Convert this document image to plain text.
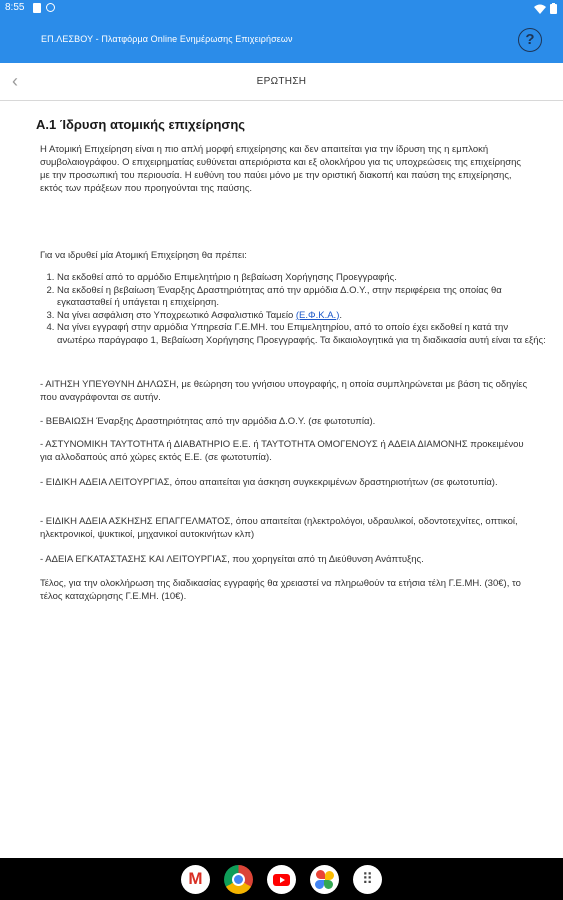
8:55
ΕΠ.ΛΕΣΒΟΥ - Πλατφόρμα Online Ενημέρωσης Επιχειρήσεων	?
‹	ΕΡΩΤΗΣΗ
A.1 Ίδρυση ατομικής επιχείρησης
Η Ατομική Επιχείρηση είναι η πιο απλή μορφή επιχείρησης και δεν απαιτείται για την ίδρυση της η εμπλοκή συμβολαιογράφου. Ο επιχειρηματίας ευθύνεται απεριόριστα και εξ ολοκλήρου για τις υποχρεώσεις της επιχείρησης με την προσωπική του περιουσία. Η ευθύνη του παύει μόνο με την οριστική διακοπή και παύση της επιχείρησης, εκτός των πράξεων που προηγούνται της παύσης.
Για να ιδρυθεί μία Ατομική Επιχείρηση θα πρέπει:
1. Να εκδοθεί από το αρμόδιο Επιμελητήριο η βεβαίωση Χορήγησης Προεγγραφής.
2. Να εκδοθεί η βεβαίωση Έναρξης Δραστηριότητας από την αρμόδια Δ.Ο.Υ., στην περιφέρεια της οποίας θα εγκατασταθεί ή υπάγεται η επιχείρηση.
3. Να γίνει ασφάλιση στο Υποχρεωτικό Ασφαλιστικό Ταμείο (Ε.Φ.Κ.Α.).
4. Να γίνει εγγραφή στην αρμόδια Υπηρεσία Γ.Ε.ΜΗ. του Επιμελητηρίου, από το οποίο έχει εκδοθεί η κατά την ανωτέρω παράγραφο 1, Βεβαίωση Χορήγησης Προεγγραφής. Τα δικαιολογητικά για τη διαδικασία αυτή είναι τα εξής:
- ΑΙΤΗΣΗ ΥΠΕΥΘΥΝΗ ΔΗΛΩΣΗ, με θεώρηση του γνήσιου υπογραφής, η οποία συμπληρώνεται με βάση τις οδηγίες που αναγράφονται σε αυτήν.
- ΒΕΒΑΙΩΣΗ Έναρξης Δραστηριότητας από την αρμόδια Δ.Ο.Υ. (σε φωτοτυπία).
- ΑΣΤΥΝΟΜΙΚΗ ΤΑΥΤΟΤΗΤΑ ή ΔΙΑΒΑΤΗΡΙΟ Ε.Ε. ή ΤΑΥΤΟΤΗΤΑ ΟΜΟΓΕΝΟΥΣ ή ΑΔΕΙΑ ΔΙΑΜΟΝΗΣ προκειμένου για αλλοδαπούς από χώρες εκτός Ε.Ε. (σε φωτοτυπία).
- ΕΙΔΙΚΗ ΑΔΕΙΑ ΛΕΙΤΟΥΡΓΙΑΣ, όπου απαιτείται για άσκηση συγκεκριμένων δραστηριοτήτων (σε φωτοτυπία).
- ΕΙΔΙΚΗ ΑΔΕΙΑ ΑΣΚΗΣΗΣ ΕΠΑΓΓΕΛΜΑΤΟΣ, όπου απαιτείται (ηλεκτρολόγοι, υδραυλικοί, οδοντοτεχνίτες, οπτικοί, ηλεκτρονικοί, ψυκτικοί, μηχανικοί αυτοκινήτων κλπ)
- ΑΔΕΙΑ ΕΓΚΑΤΑΣΤΑΣΗΣ ΚΑΙ ΛΕΙΤΟΥΡΓΙΑΣ, που χορηγείται από τη Διεύθυνση Ανάπτυξης.
Τέλος, για την ολοκλήρωση της διαδικασίας εγγραφής θα χρειαστεί να πληρωθούν τα ετήσια τέλη Γ.Ε.ΜΗ. (30€), το τέλος καταχώρησης Γ.Ε.ΜΗ. (10€).
M
⠿
